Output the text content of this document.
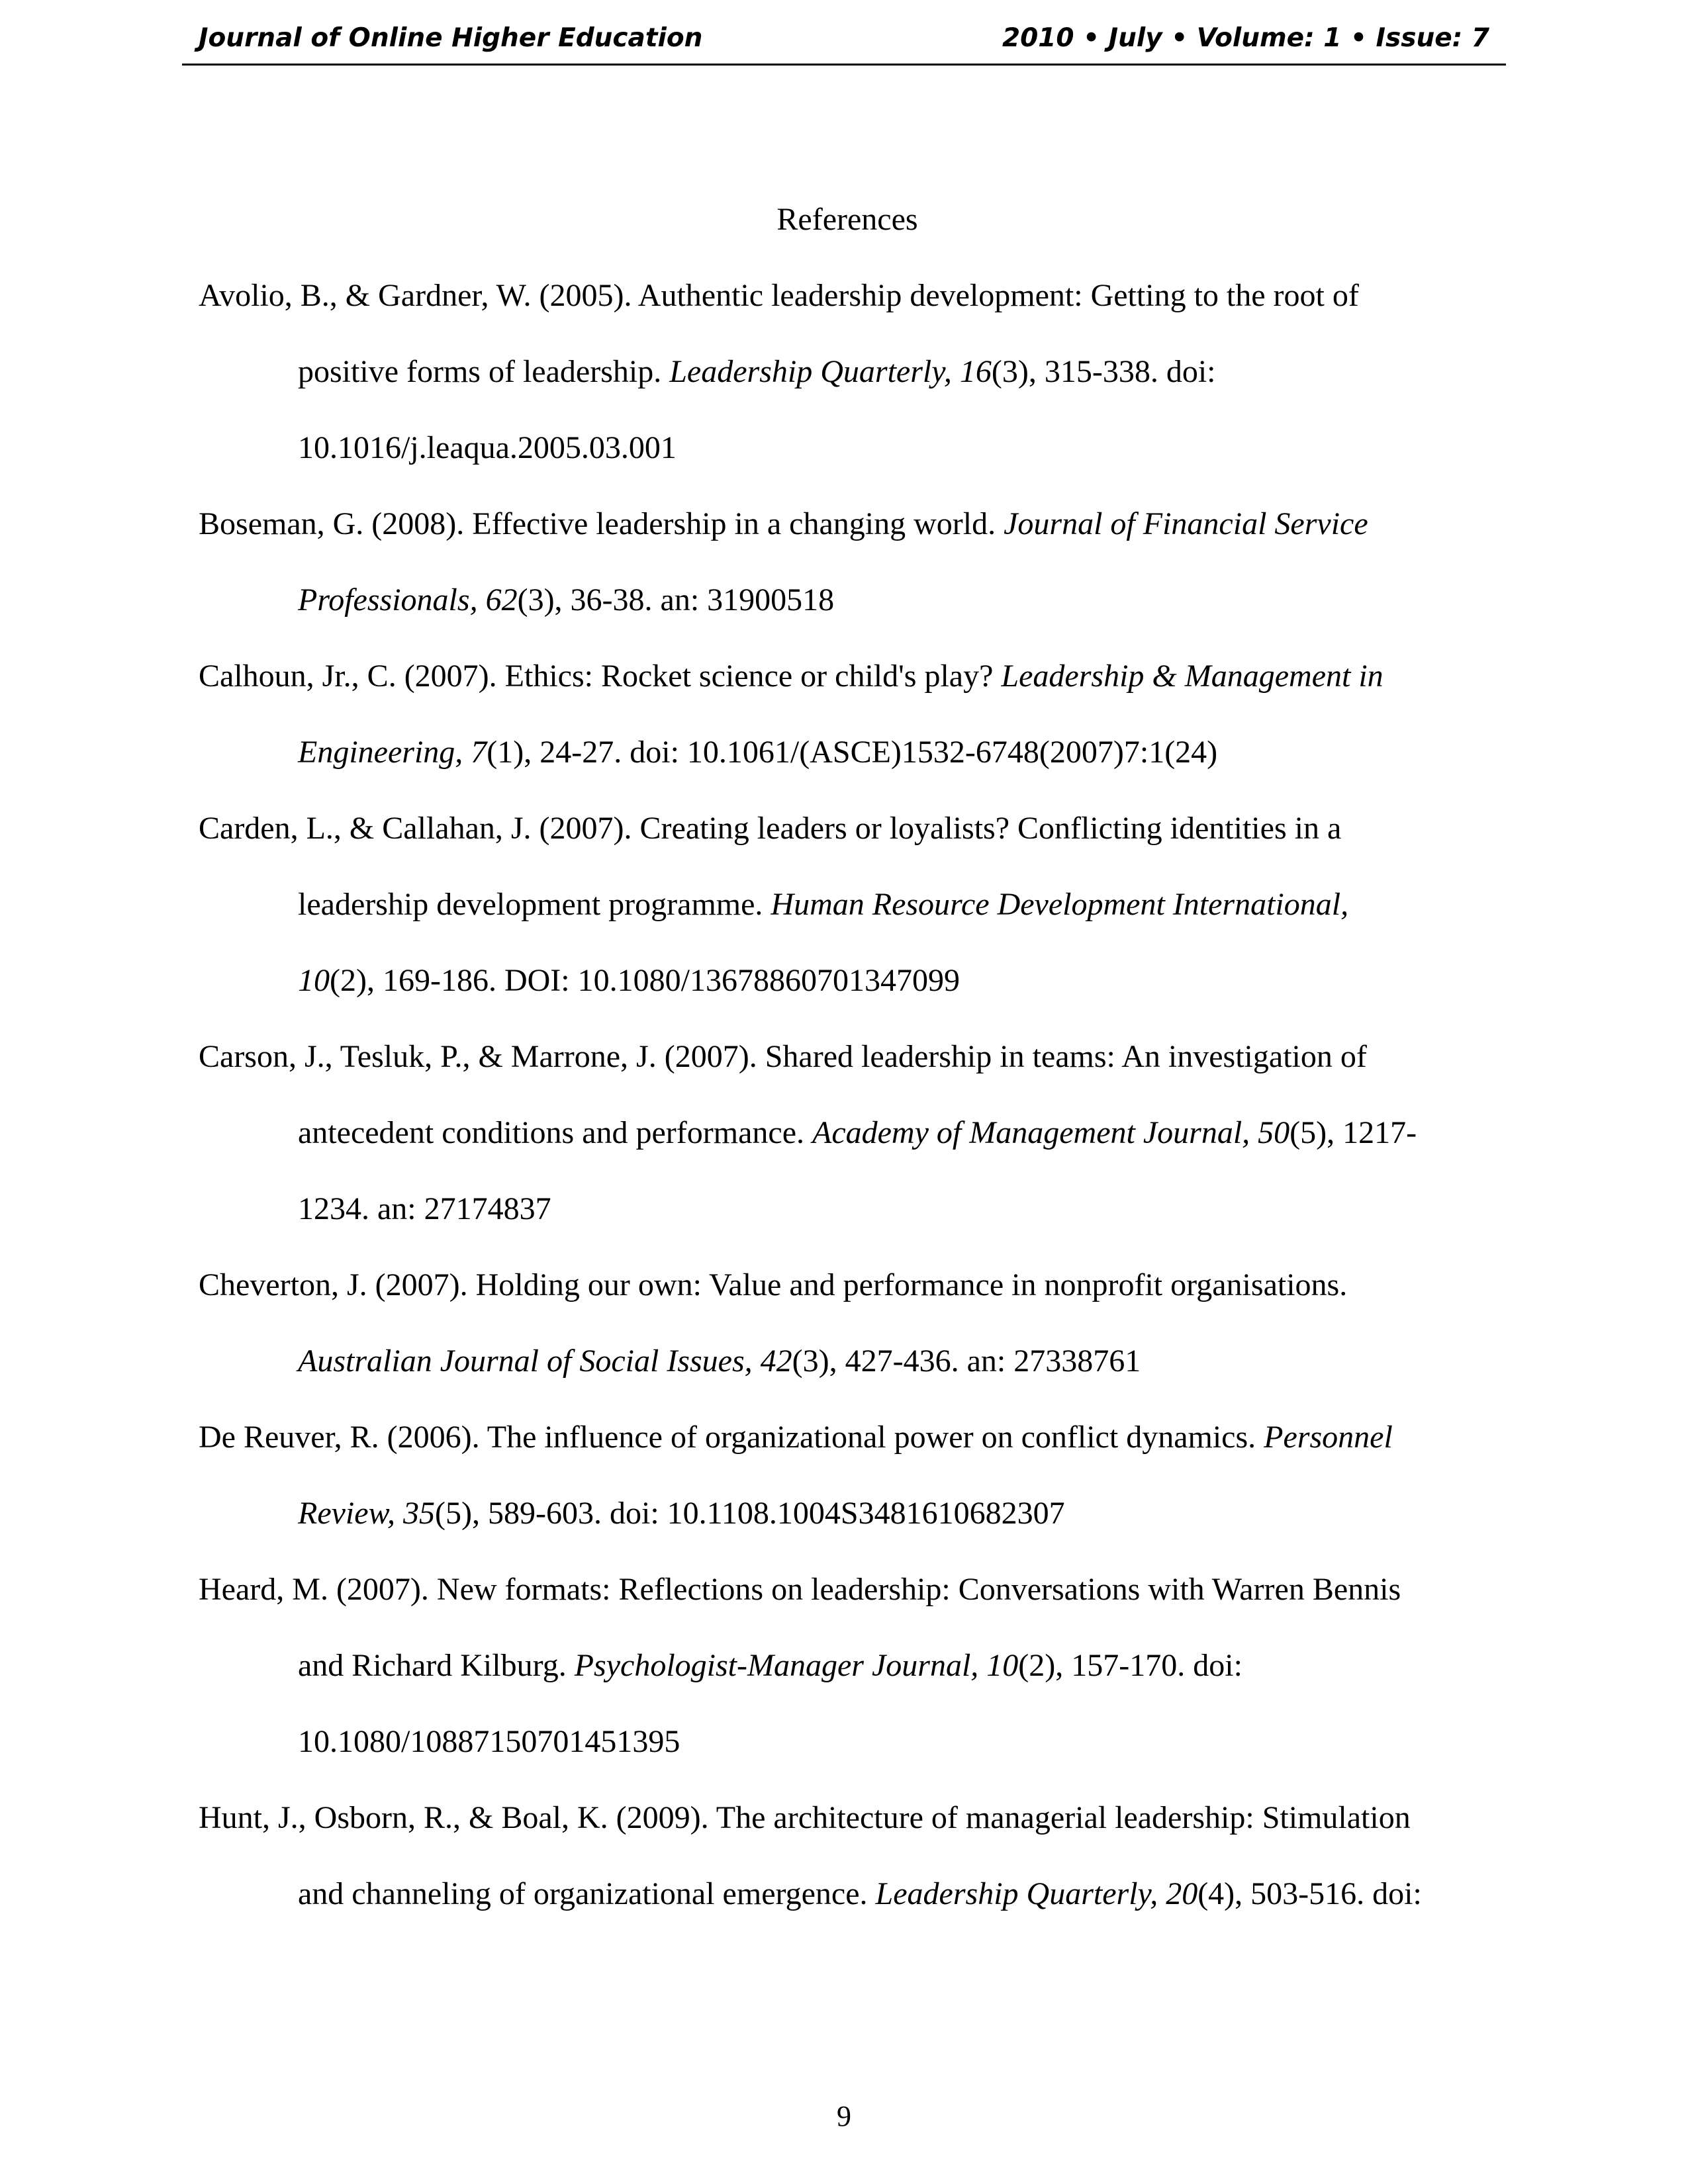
Journal of Online Higher Education	2010 • July • Volume: 1 • Issue: 7
References
Avolio, B., & Gardner, W. (2005). Authentic leadership development: Getting to the root of
positive forms of leadership. Leadership Quarterly, 16(3), 315-338. doi:
10.1016/j.leaqua.2005.03.001
Boseman, G. (2008). Effective leadership in a changing world. Journal of Financial Service
Professionals, 62(3), 36-38. an: 31900518
Calhoun, Jr., C. (2007). Ethics: Rocket science or child's play? Leadership & Management in
Engineering, 7(1), 24-27. doi: 10.1061/(ASCE)1532-6748(2007)7:1(24)
Carden, L., & Callahan, J. (2007). Creating leaders or loyalists? Conflicting identities in a
leadership development programme. Human Resource Development International,
10(2), 169-186. DOI: 10.1080/13678860701347099
Carson, J., Tesluk, P., & Marrone, J. (2007). Shared leadership in teams: An investigation of
antecedent conditions and performance. Academy of Management Journal, 50(5), 1217-
1234. an: 27174837
Cheverton, J. (2007). Holding our own: Value and performance in nonprofit organisations.
Australian Journal of Social Issues, 42(3), 427-436. an: 27338761
De Reuver, R. (2006). The influence of organizational power on conflict dynamics. Personnel
Review, 35(5), 589-603. doi: 10.1108.1004S3481610682307
Heard, M. (2007). New formats: Reflections on leadership: Conversations with Warren Bennis
and Richard Kilburg. Psychologist-Manager Journal, 10(2), 157-170. doi:
10.1080/10887150701451395
Hunt, J., Osborn, R., & Boal, K. (2009). The architecture of managerial leadership: Stimulation
and channeling of organizational emergence. Leadership Quarterly, 20(4), 503-516. doi:
9
